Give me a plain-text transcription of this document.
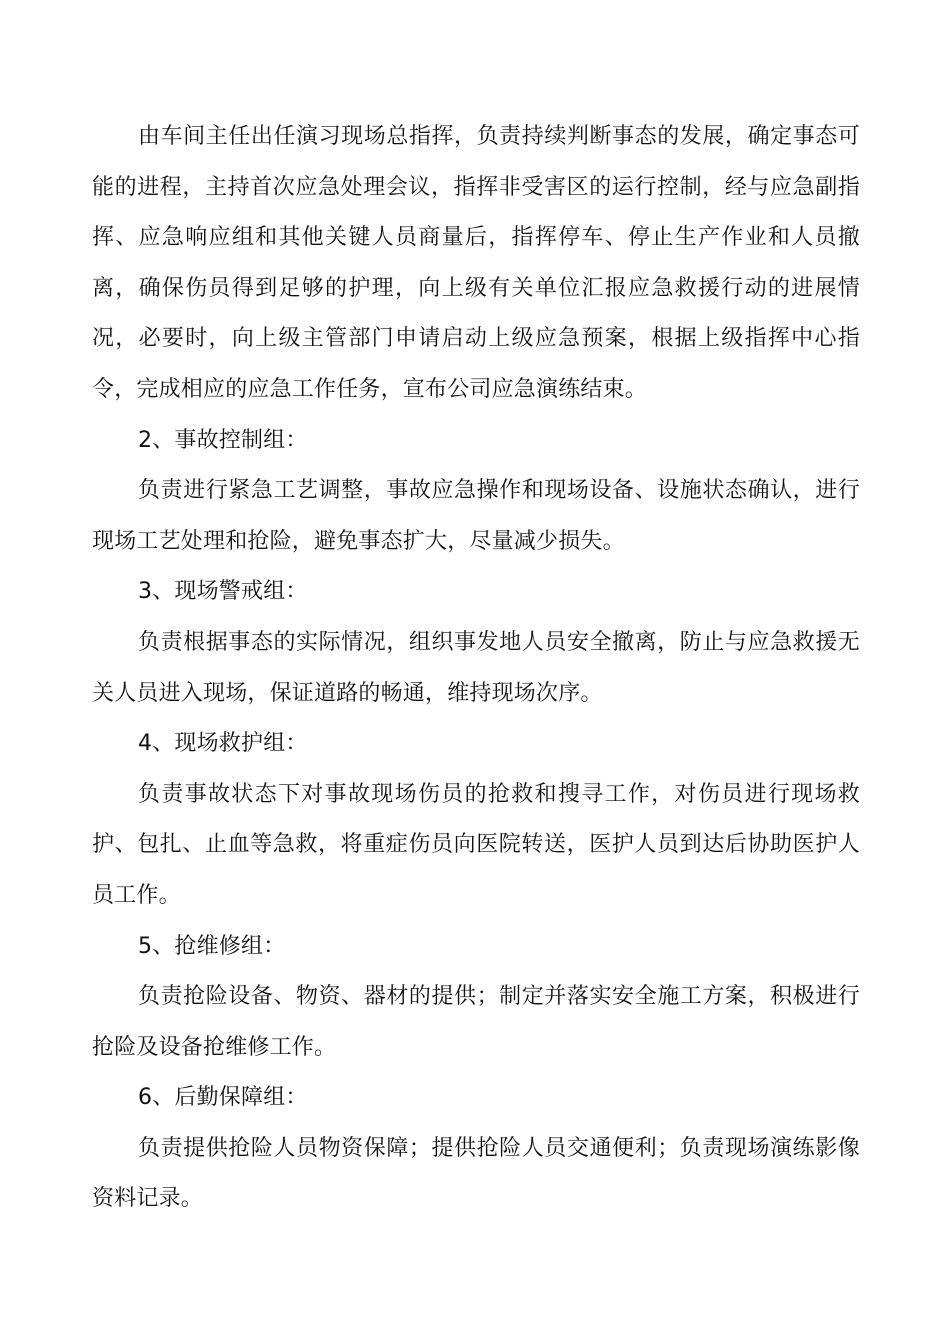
由车间主任出任演习现场总指挥，负责持续判断事态的发展，确定事态可能的进程，主持首次应急处理会议，指挥非受害区的运行控制，经与应急副指挥、应急响应组和其他关键人员商量后，指挥停车、停止生产作业和人员撤离，确保伤员得到足够的护理，向上级有关单位汇报应急救援行动的进展情况，必要时，向上级主管部门申请启动上级应急预案，根据上级指挥中心指令，完成相应的应急工作任务，宣布公司应急演练结束。

2、事故控制组：

负责进行紧急工艺调整，事故应急操作和现场设备、设施状态确认，进行现场工艺处理和抢险，避免事态扩大，尽量减少损失。

3、现场警戒组：

负责根据事态的实际情况，组织事发地人员安全撤离，防止与应急救援无关人员进入现场，保证道路的畅通，维持现场次序。

4、现场救护组：

负责事故状态下对事故现场伤员的抢救和搜寻工作，对伤员进行现场救护、包扎、止血等急救，将重症伤员向医院转送，医护人员到达后协助医护人员工作。

5、抢维修组：

负责抢险设备、物资、器材的提供；制定并落实安全施工方案，积极进行抢险及设备抢维修工作。

6、后勤保障组：

负责提供抢险人员物资保障；提供抢险人员交通便利；负责现场演练影像资料记录。
